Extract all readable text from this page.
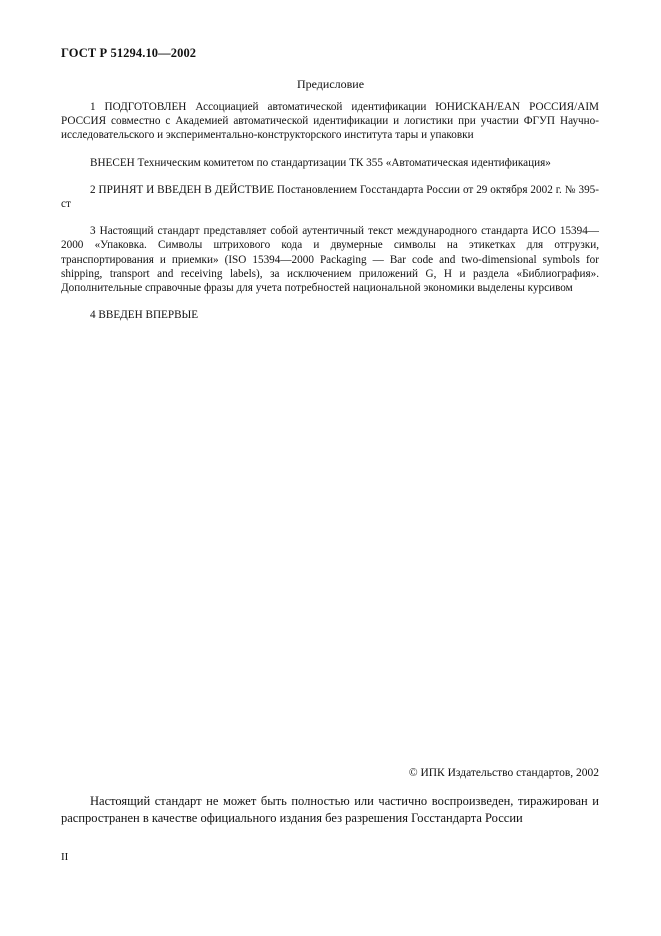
ГОСТ Р 51294.10—2002
Предисловие

1 ПОДГОТОВЛЕН Ассоциацией автоматической идентификации ЮНИСКАН/EAN РОССИЯ/AIM РОССИЯ совместно с Академией автоматической идентификации и логистики при участии ФГУП Научно-исследовательского и экспериментально-конструкторского института тары и упаковки

ВНЕСЕН Техническим комитетом по стандартизации ТК 355 «Автоматическая идентификация»

2 ПРИНЯТ И ВВЕДЕН В ДЕЙСТВИЕ Постановлением Госстандарта России от 29 октября 2002 г. № 395-ст

3 Настоящий стандарт представляет собой аутентичный текст международного стандарта ИСО 15394—2000 «Упаковка. Символы штрихового кода и двумерные символы на этикетках для отгрузки, транспортирования и приемки» (ISO 15394—2000 Packaging — Bar code and two-dimensional symbols for shipping, transport and receiving labels), за исключением приложений G, H и раздела «Библиография». Дополнительные справочные фразы для учета потребностей национальной экономики выделены курсивом

4 ВВЕДЕН ВПЕРВЫЕ

© ИПК Издательство стандартов, 2002

Настоящий стандарт не может быть полностью или частично воспроизведен, тиражирован и распространен в качестве официального издания без разрешения Госстандарта России

II
